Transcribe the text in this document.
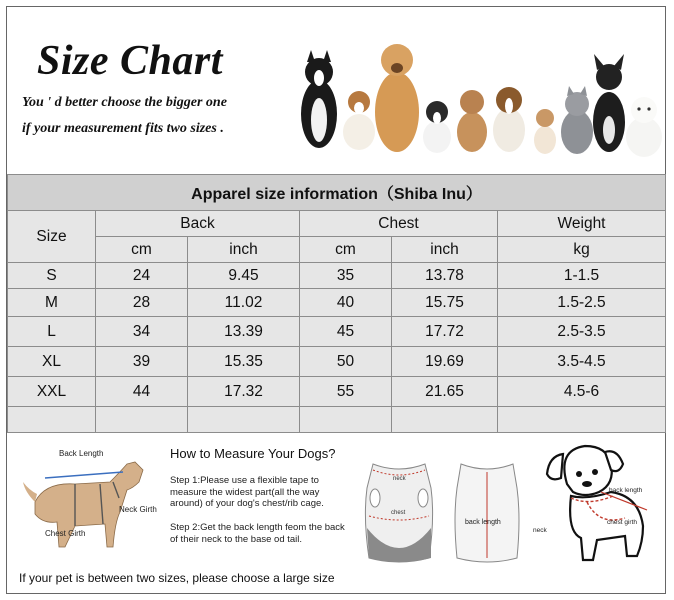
Size Chart
You ' d better choose the bigger one
if your measurement fits two sizes .
Apparel size information（Shiba Inu）					
Size	Back		Chest		Weight
	cm	inch	cm	inch	kg
S	24	9.45	35	13.78	1-1.5
M	28	11.02	40	15.75	1.5-2.5
L	34	13.39	45	17.72	2.5-3.5
XL	39	15.35	50	19.69	3.5-4.5
XXL	44	17.32	55	21.65	4.5-6

Back Length
Neck Girth
Chest Girth
How to Measure Your Dogs?
Step 1:Please use a flexible tape to measure the widest part(all the way around) of your dog's chest/rib cage.
Step 2:Get the back length feom the back of their neck to the base od tail.
neck
chest
back length
back length
neck
chest girth
If your pet is between two sizes, please choose a large size
